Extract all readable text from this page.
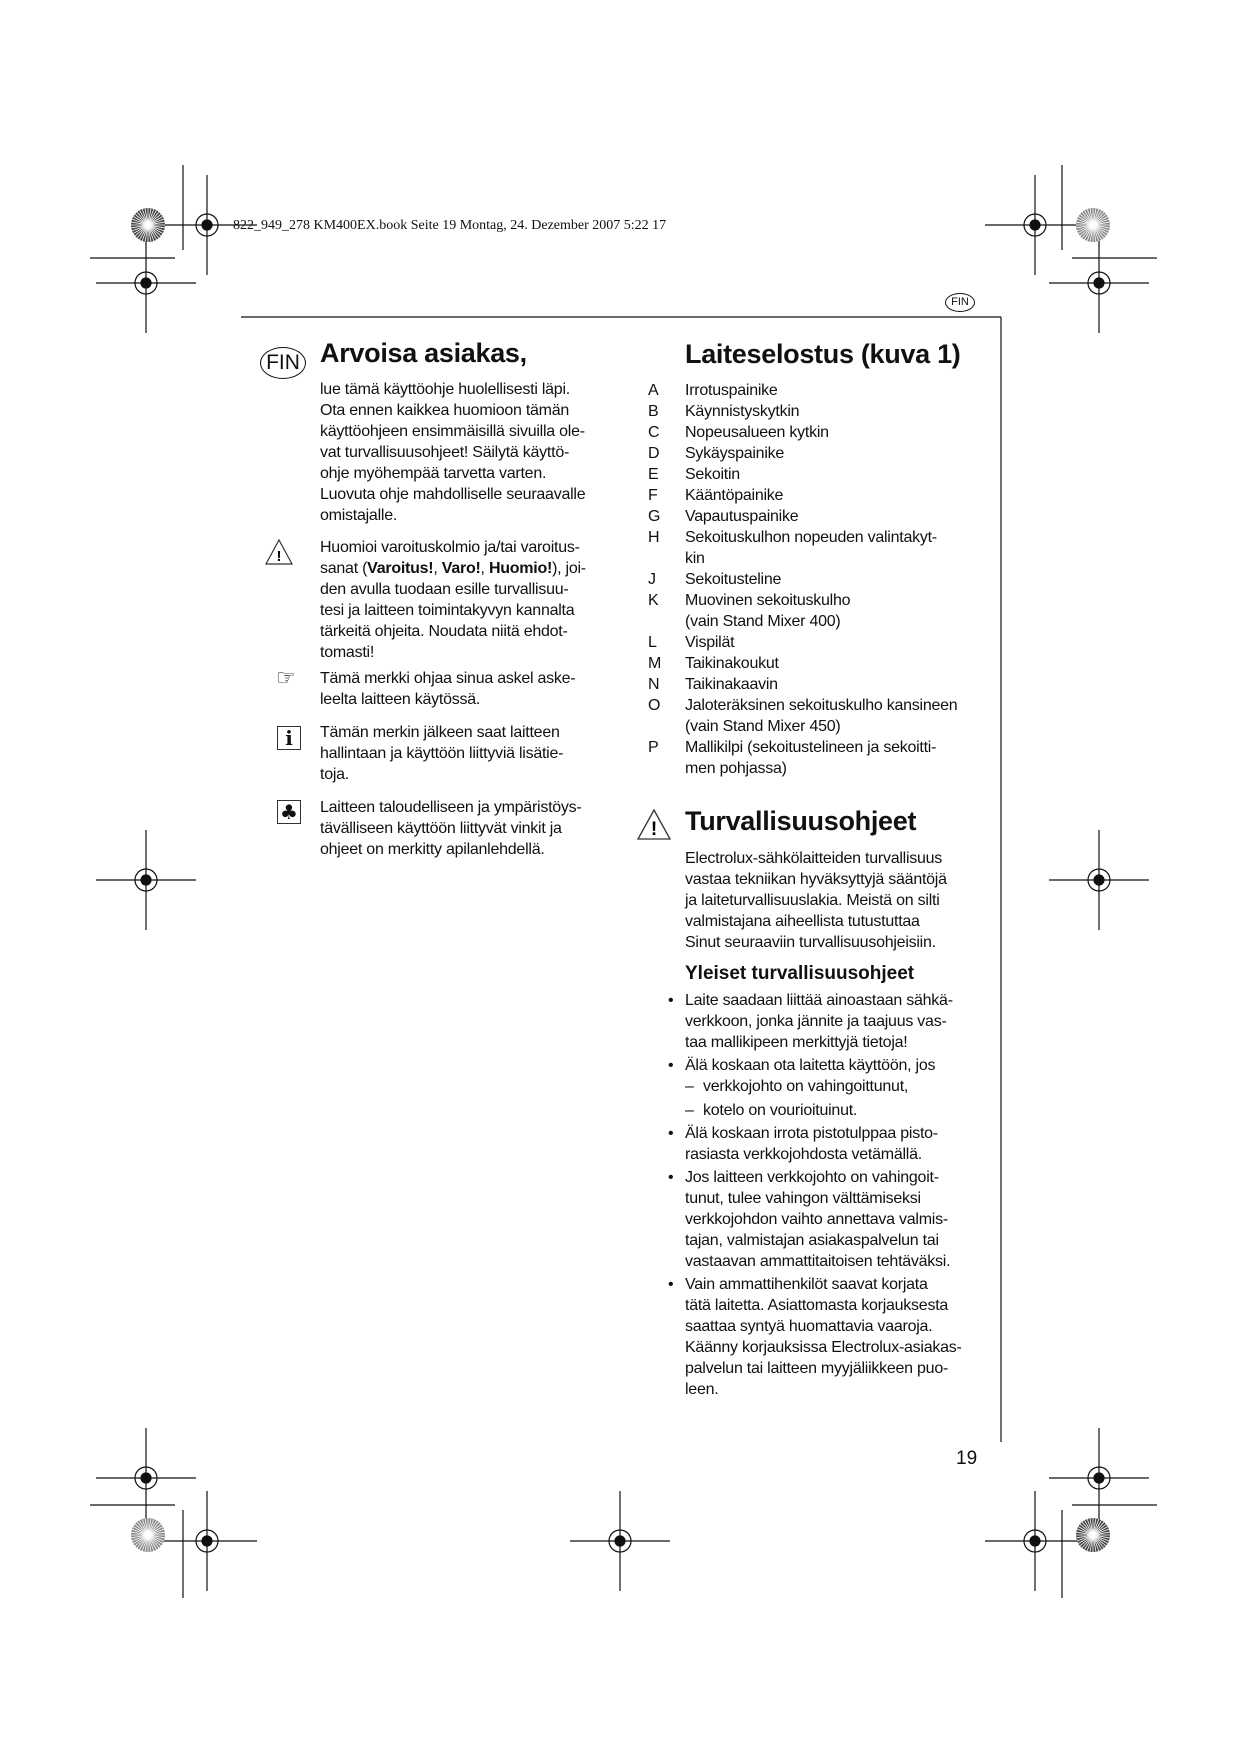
822_949_278 KM400EX.book Seite 19 Montag, 24. Dezember 2007 5:22 17
FIN
FIN Arvoisa asiakas,
lue tämä käyttöohje huolellisesti läpi.
Ota ennen kaikkea huomioon tämän
käyttöohjeen ensimmäisillä sivuilla ole-
vat turvallisuusohjeet! Säilytä käyttö-
ohje myöhempää tarvetta varten.
Luovuta ohje mahdolliselle seuraavalle
omistajalle.
!
Huomioi varoituskolmio ja/tai varoitus-
sanat (Varoitus!, Varo!, Huomio!), joi-
den avulla tuodaan esille turvallisuu-
tesi ja laitteen toimintakyvyn kannalta
tärkeitä ohjeita. Noudata niitä ehdot-
tomasti!
☞ Tämä merkki ohjaa sinua askel aske-
leelta laitteen käytössä.
i	Tämän merkin jälkeen saat laitteen
hallintaan ja käyttöön liittyviä lisätie-
toja.
♣ Laitteen taloudelliseen ja ympäristöys-
tävälliseen käyttöön liittyvät vinkit ja
ohjeet on merkitty apilanlehdellä.
Laiteselostus (kuva 1)
A	Irrotuspainike
B	Käynnistyskytkin
C	Nopeusalueen kytkin
D	Sykäyspainike
E	Sekoitin
F	Kääntöpainike
G	Vapautuspainike
H	Sekoituskulhon nopeuden valintakyt-
kin
J	Sekoitusteline
K	Muovinen sekoituskulho
(vain Stand Mixer 400)
L	Vispilät
M	Taikinakoukut
N	Taikinakaavin
O	Jaloteräksinen sekoituskulho kansineen
(vain Stand Mixer 450)
P	Mallikilpi (sekoitustelineen ja sekoitti-
men pohjassa)
! Turvallisuusohjeet
Electrolux-sähkölaitteiden turvallisuus
vastaa tekniikan hyväksyttyjä sääntöjä
ja laiteturvallisuuslakia. Meistä on silti
valmistajana aiheellista tutustuttaa
Sinut seuraaviin turvallisuusohjeisiin.
Yleiset turvallisuusohjeet
• Laite saadaan liittää ainoastaan sähkä-
verkkoon, jonka jännite ja taajuus vas-
taa mallikipeen merkittyjä tietoja!
• Älä koskaan ota laitetta käyttöön, jos
– verkkojohto on vahingoittunut,
– kotelo on vourioituinut.
• Älä koskaan irrota pistotulppaa pisto-
rasiasta verkkojohdosta vetämällä.
• Jos laitteen verkkojohto on vahingoit-
tunut, tulee vahingon välttämiseksi
verkkojohdon vaihto annettava valmis-
tajan, valmistajan asiakaspalvelun tai
vastaavan ammattitaitoisen tehtäväksi.
• Vain ammattihenkilöt saavat korjata
tätä laitetta. Asiattomasta korjauksesta
saattaa syntyä huomattavia vaaroja.
Käänny korjauksissa Electrolux-asiakas-
palvelun tai laitteen myyjäliikkeen puo-
leen.
19
